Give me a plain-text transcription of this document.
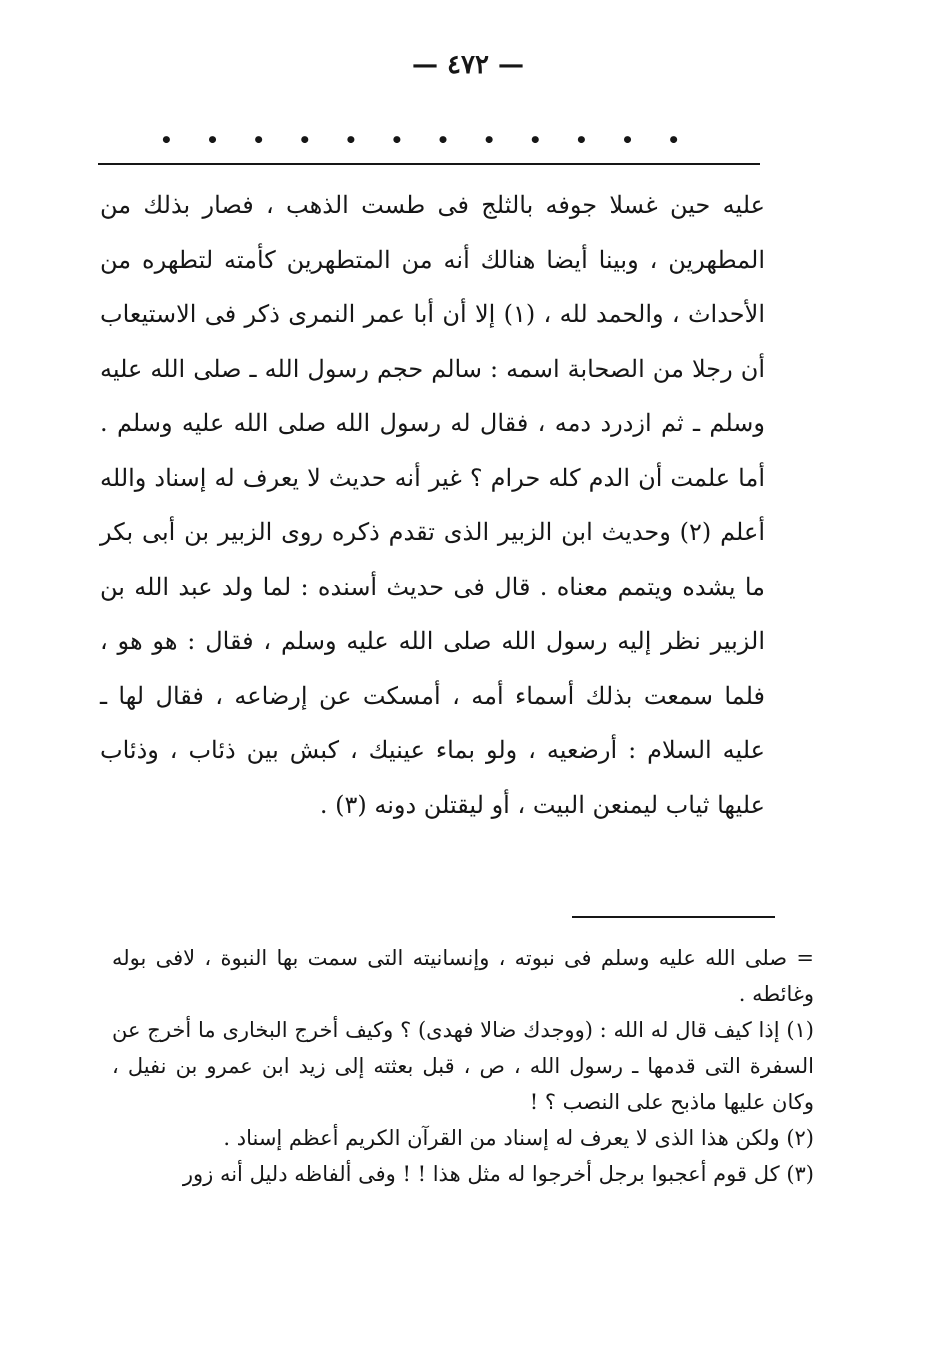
— ٤٧٢ —
•
•
•
•
•
•
•
•
•
•
•
•

عليه حين غسلا جوفه بالثلج فى طست الذهب ، فصار بذلك من المطهرين ، وبينا أيضا هنالك أنه من المتطهرين كأمته لتطهره من الأحداث ، والحمد لله ، (١) إلا أن أبا عمر النمرى ذكر فى الاستيعاب أن رجلا من الصحابة اسمه : سالم حجم رسول الله ـ صلى الله عليه وسلم ـ ثم ازدرد دمه ، فقال له رسول الله صلى الله عليه وسلم . أما علمت أن الدم كله حرام ؟ غير أنه حديث لا يعرف له إسناد والله أعلم (٢) وحديث ابن الزبير الذى تقدم ذكره روى الزبير بن أبى بكر ما يشده ويتمم معناه . قال فى حديث أسنده : لما ولد عبد الله بن الزبير نظر إليه رسول الله صلى الله عليه وسلم ، فقال : هو هو ، فلما سمعت بذلك أسماء أمه ، أمسكت عن إرضاعه ، فقال لها ـ عليه السلام : أرضعيه ، ولو بماء عينيك ، كبش بين ذئاب ، وذئاب عليها ثياب ليمنعن البيت ، أو ليقتلن دونه (٣) .

= صلى الله عليه وسلم فى نبوته ، وإنسانيته التى سمت بها النبوة ، لافى بوله وغائطه .

(١) إذا كيف قال له الله : (ووجدك ضالا فهدى) ؟ وكيف أخرج البخارى ما أخرج عن السفرة التى قدمها ـ رسول الله ، ص ، قبل بعثته إلى زيد ابن عمرو بن نفيل ، وكان عليها ماذبح على النصب ؟ !

(٢) ولكن هذا الذى لا يعرف له إسناد من القرآن الكريم أعظم إسناد .

(٣) كل قوم أعجبوا برجل أخرجوا له مثل هذا ! ! وفى ألفاظه دليل أنه زور
